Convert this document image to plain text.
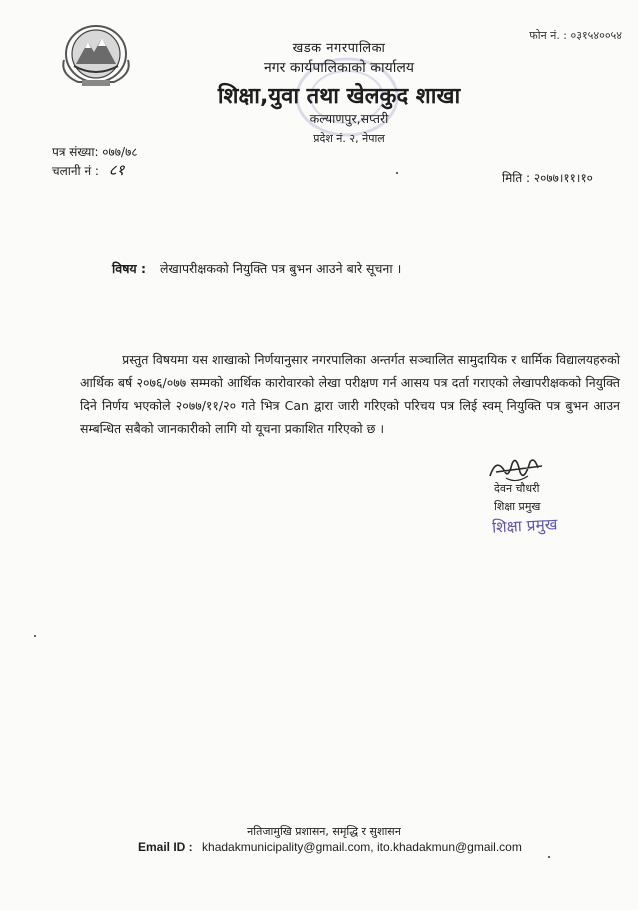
फोन नं. : ०३१५४००५४
खडक नगरपालिका
नगर कार्यपालिकाको कार्यालय
शिक्षा,युवा तथा खेलकुद शाखा
कल्याणपुर,सप्तरी
प्रदेश नं. २, नेपाल
पत्र संख्या: ०७७/७८
चलानी नं : ८१	मिति : २०७७।११।१०
विषय : लेखापरीक्षकको नियुक्ति पत्र बुभन आउने बारे सूचना ।
प्रस्तुत विषयमा यस शाखाको निर्णयानुसार नगरपालिका अन्तर्गत सञ्चालित सामुदायिक र धार्मिक विद्यालयहरुको आर्थिक बर्ष २०७६/०७७ सम्मको आर्थिक कारोवारको लेखा परीक्षण गर्न आसय पत्र दर्ता गराएको लेखापरीक्षकको नियुक्ति दिने निर्णय भएकोले २०७७/११/२० गते भित्र Can द्वारा जारी गरिएको परिचय पत्र लिई स्वम् नियुक्ति पत्र बुभन आउन सम्बन्धित सबैको जानकारीको लागि यो यूचना प्रकाशित गरिएको छ ।
देवन चौधरी
शिक्षा प्रमुख
शिक्षा प्रमुख
नतिजामुखि प्रशासन, समृद्धि र सुशासन
Email ID : khadakmunicipality@gmail.com, ito.khadakmun@gmail.com
